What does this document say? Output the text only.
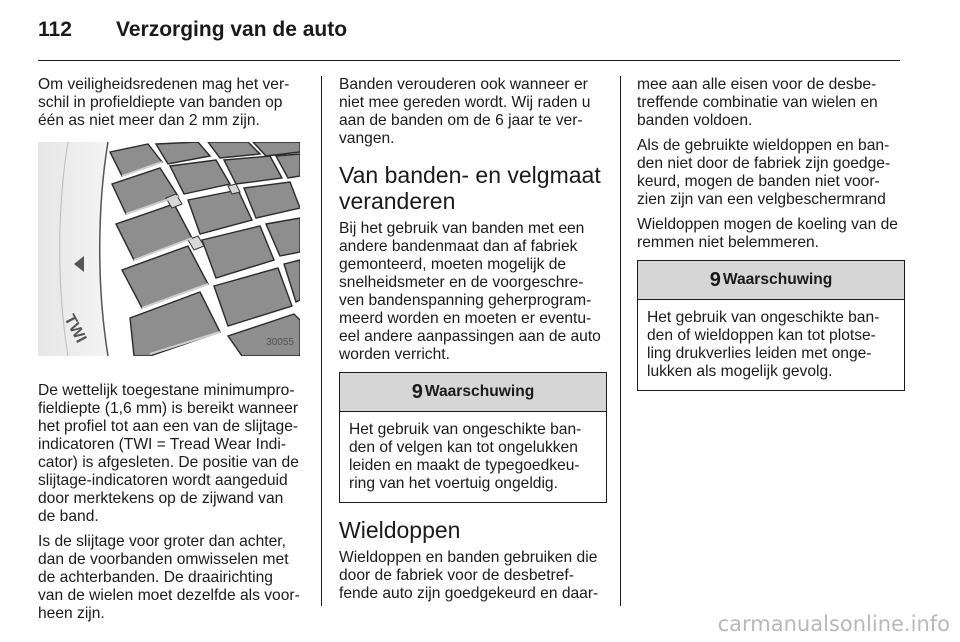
112	Verzorging van de auto

Om veiligheidsredenen mag het ver-
schil in profieldiepte van banden op
één as niet meer dan 2 mm zijn.

TWI	30055

De wettelijk toegestane minimumpro-
fieldiepte (1,6 mm) is bereikt wanneer
het profiel tot aan een van de slijtage-
indicatoren (TWI = Tread Wear Indi-
cator) is afgesleten. De positie van de
slijtage-indicatoren wordt aangeduid
door merktekens op de zijwand van
de band.

Is de slijtage voor groter dan achter,
dan de voorbanden omwisselen met
de achterbanden. De draairichting
van de wielen moet dezelfde als voor-
heen zijn.

Banden verouderen ook wanneer er
niet mee gereden wordt. Wij raden u
aan de banden om de 6 jaar te ver-
vangen.

Van banden- en velgmaat
veranderen

Bij het gebruik van banden met een
andere bandenmaat dan af fabriek
gemonteerd, moeten mogelijk de
snelheidsmeter en de voorgeschre-
ven bandenspanning geherprogram-
meerd worden en moeten er eventu-
eel andere aanpassingen aan de auto
worden verricht.

9 Waarschuwing
Het gebruik van ongeschikte ban-
den of velgen kan tot ongelukken
leiden en maakt de typegoedkeu-
ring van het voertuig ongeldig.
Wieldoppen

Wieldoppen en banden gebruiken die
door de fabriek voor de desbetref-
fende auto zijn goedgekeurd en daar-

mee aan alle eisen voor de desbe-
treffende combinatie van wielen en
banden voldoen.

Als de gebruikte wieldoppen en ban-
den niet door de fabriek zijn goedge-
keurd, mogen de banden niet voor-
zien zijn van een velgbeschermrand

Wieldoppen mogen de koeling van de
remmen niet belemmeren.

9 Waarschuwing
Het gebruik van ongeschikte ban-
den of wieldoppen kan tot plotse-
ling drukverlies leiden met onge-
lukken als mogelijk gevolg.
carmanualsonline.info
